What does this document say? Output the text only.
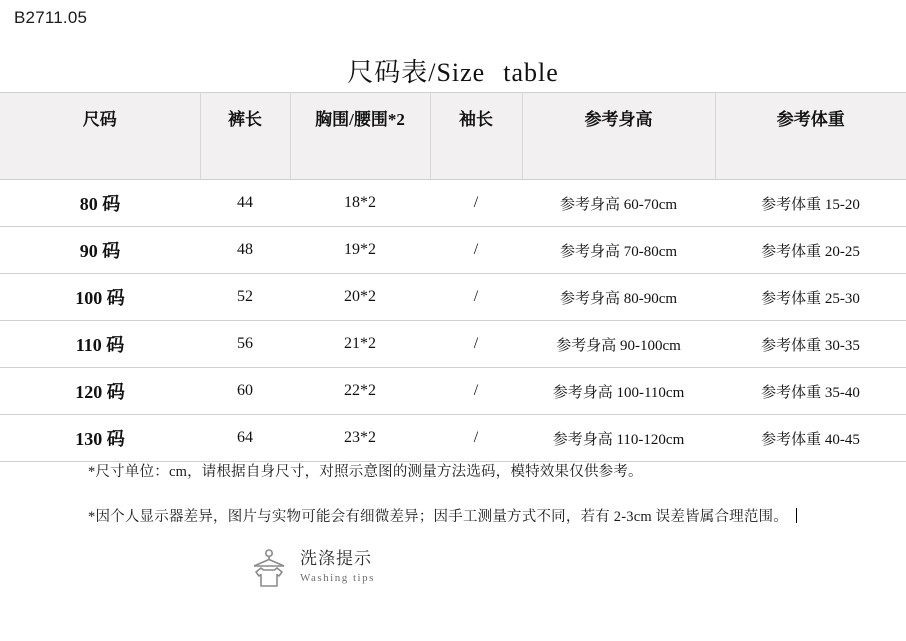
B2711.05
尺码表/Size table
尺码	裤长	胸围/腰围*2	袖长	参考身高	参考体重

80 码	44	18*2	/	参考身高 60-70cm	参考体重 15-20
90 码	48	19*2	/	参考身高 70-80cm	参考体重 20-25
100 码	52	20*2	/	参考身高 80-90cm	参考体重 25-30
110 码	56	21*2	/	参考身高 90-100cm	参考体重 30-35
120 码	60	22*2	/	参考身高 100-110cm	参考体重 35-40
130 码	64	23*2	/	参考身高 110-120cm	参考体重 40-45
*尺寸单位：cm，请根据自身尺寸，对照示意图的测量方法选码，模特效果仅供参考。
*因个人显示器差异，图片与实物可能会有细微差异；因手工测量方式不同，若有 2-3cm 误差皆属合理范围。
洗涤提示
Washing tips
